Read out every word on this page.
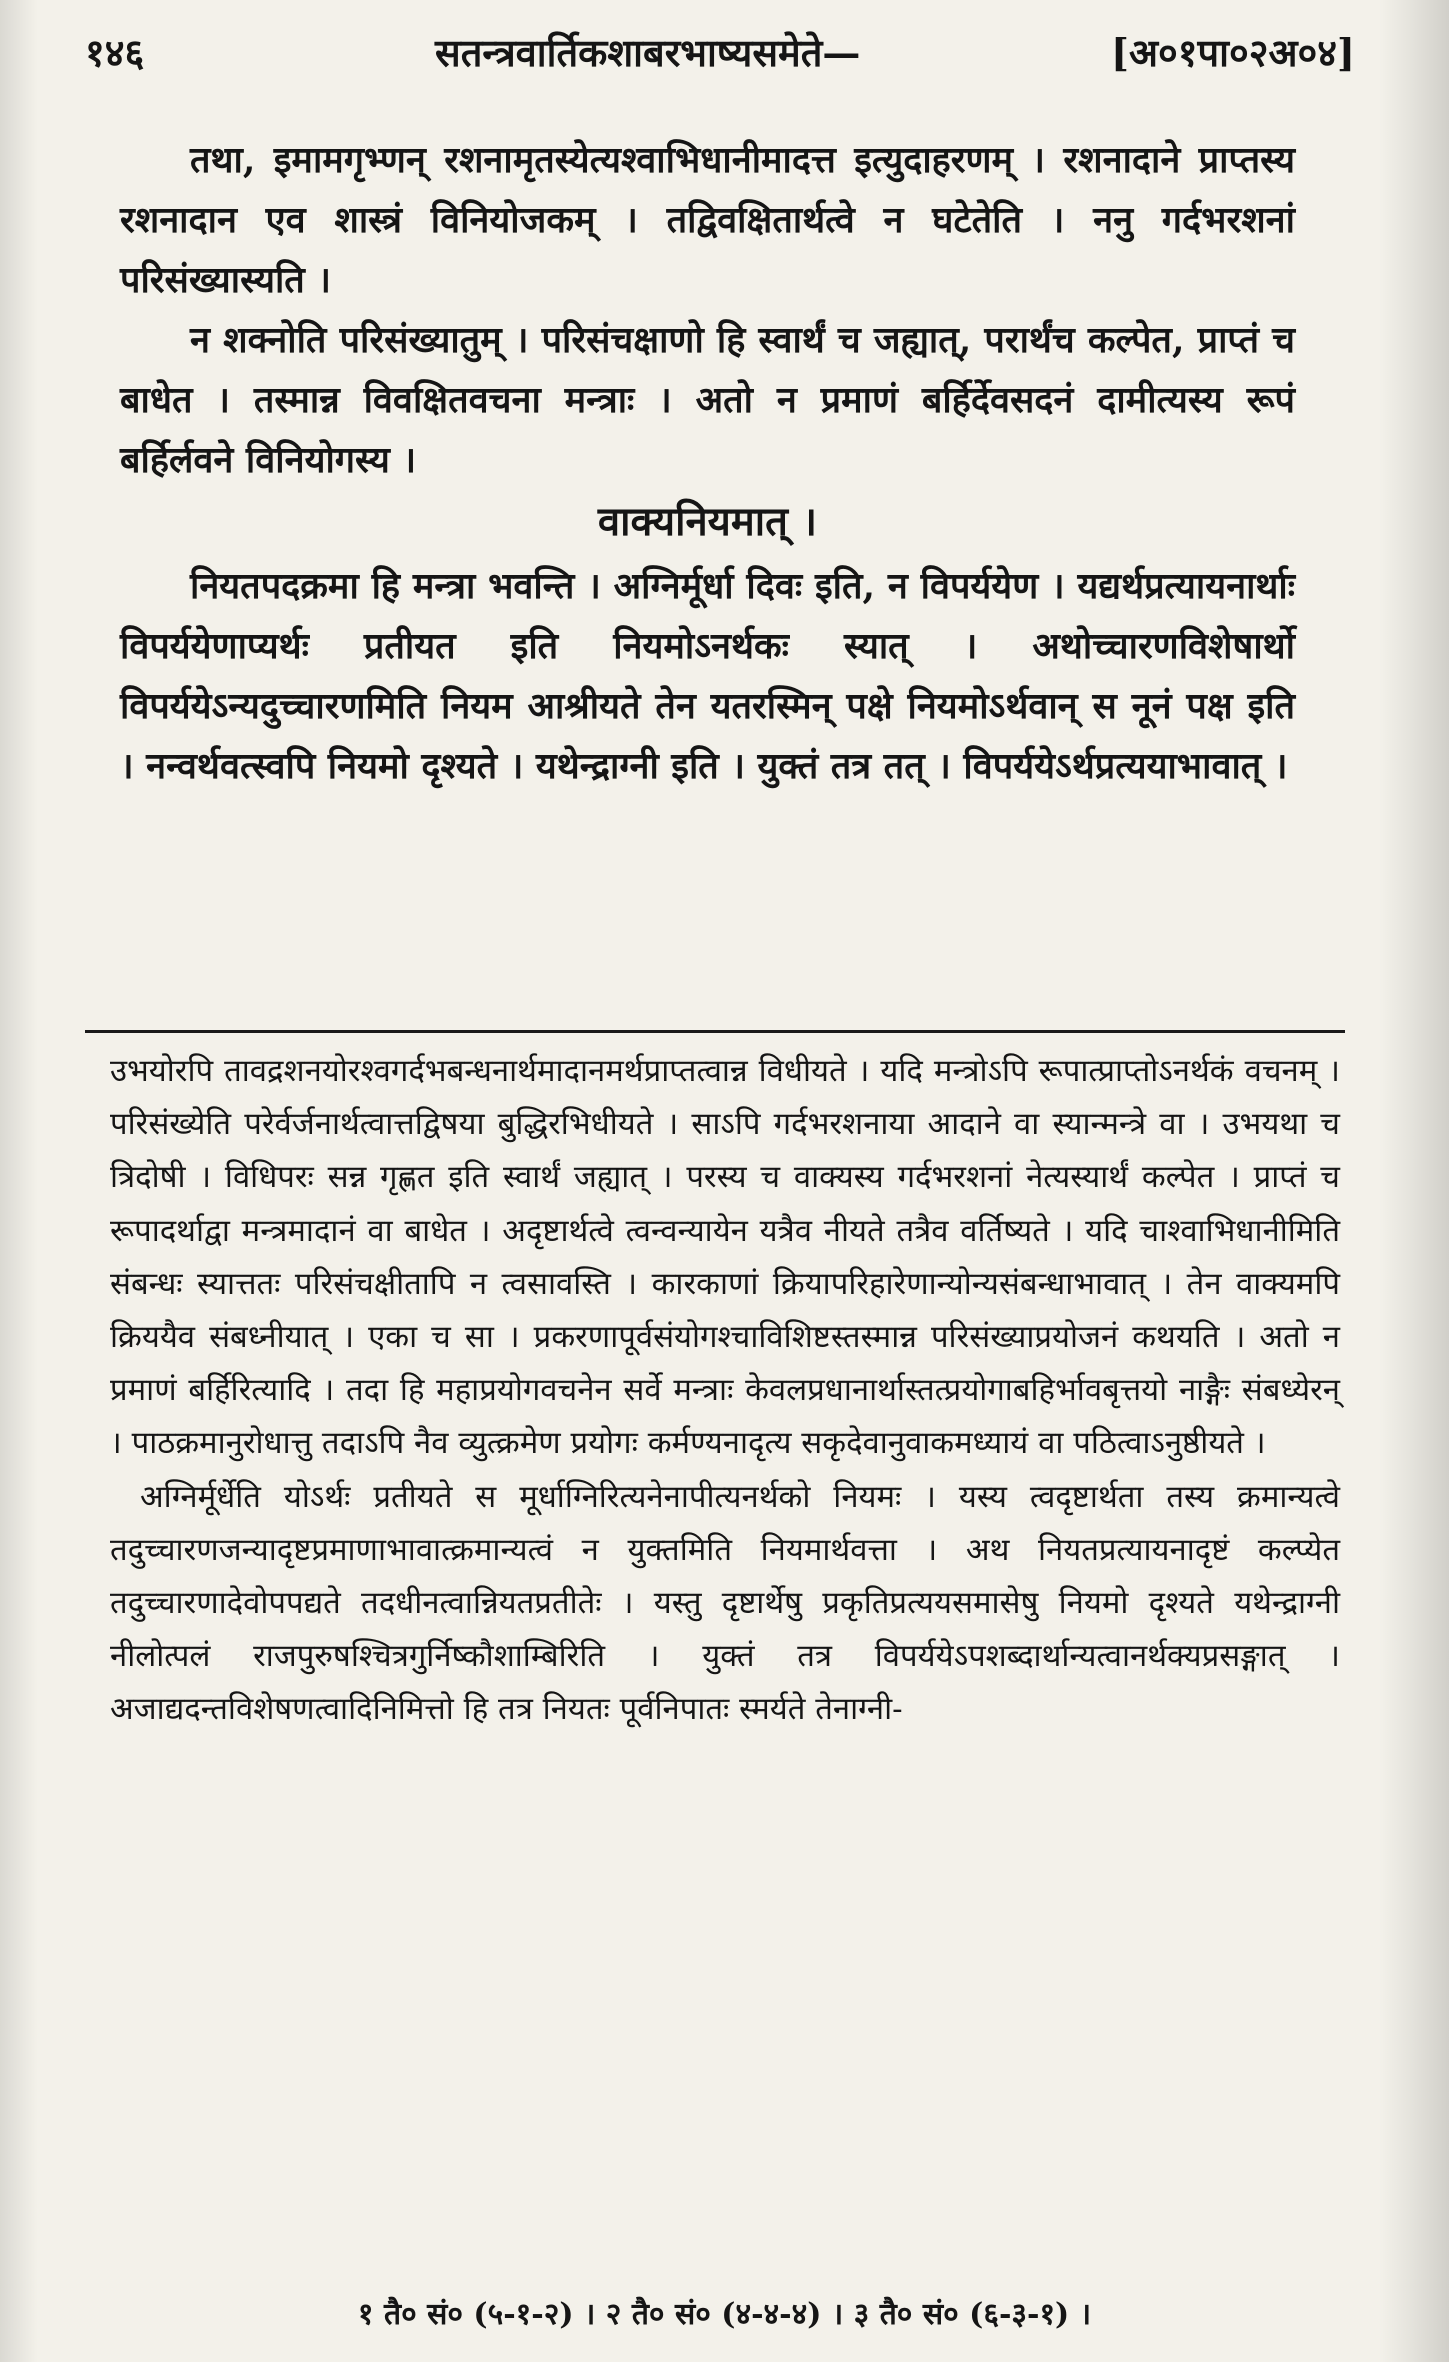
१४६	सतन्त्रवार्तिकशाबरभाष्यसमेते—	[अ०१पा०२अ०४]

तथा, इमामगृभ्णन् रशनामृतस्येत्यश्वाभिधानीमादत्त इत्युदाहरणम् । रशनादाने प्राप्तस्य रशनादान एव शास्त्रं विनियोजकम् । तद्विवक्षितार्थत्वे न घटेतेति । ननु गर्दभरशनां परिसंख्यास्यति ।

न शक्नोति परिसंख्यातुम् । परिसंचक्षाणो हि स्वार्थं च जह्यात्, परार्थंच कल्पेत, प्राप्तं च बाधेत । तस्मान्न विवक्षितवचना मन्त्राः । अतो न प्रमाणं बर्हिर्देवसदनं दामीत्यस्य रूपं बर्हिर्लवने विनियोगस्य ।

वाक्यनियमात् ।

नियतपदक्रमा हि मन्त्रा भवन्ति । अग्निर्मूर्धा दिवः इति, न विपर्ययेण । यद्यर्थप्रत्यायनार्थाः विपर्ययेणाप्यर्थः प्रतीयत इति नियमोऽनर्थकः स्यात् । अथोच्चारणविशेषार्थो विपर्ययेऽन्यदुच्चारणमिति नियम आश्रीयते तेन यतरस्मिन् पक्षे नियमोऽर्थवान् स नूनं पक्ष इति । नन्वर्थवत्स्वपि नियमो दृश्यते । यथेन्द्राग्नी इति । युक्तं तत्र तत् । विपर्ययेऽर्थप्रत्ययाभावात् ।

उभयोरपि तावद्रशनयोरश्वगर्दभबन्धनार्थमादानमर्थप्राप्तत्वान्न विधीयते । यदि मन्त्रोऽपि रूपात्प्राप्तोऽनर्थकं वचनम् । परिसंख्येति परेर्वर्जनार्थत्वात्तद्विषया बुद्धिरभिधीयते । साऽपि गर्दभरशनाया आदाने वा स्यान्मन्त्रे वा । उभयथा च त्रिदोषी । विधिपरः सन्न गृह्णत इति स्वार्थं जह्यात् । परस्य च वाक्यस्य गर्दभरशनां नेत्यस्यार्थं कल्पेत । प्राप्तं च रूपादर्थाद्वा मन्त्रमादानं वा बाधेत । अदृष्टार्थत्वे त्वन्वन्यायेन यत्रैव नीयते तत्रैव वर्तिष्यते । यदि चाश्वाभिधानीमिति संबन्धः स्यात्ततः परिसंचक्षीतापि न त्वसावस्ति । कारकाणां क्रियापरिहारेणान्योन्यसंबन्धाभावात् । तेन वाक्यमपि क्रिययैव संबध्नीयात् । एका च सा । प्रकरणापूर्वसंयोगश्चाविशिष्टस्तस्मान्न परिसंख्याप्रयोजनं कथयति । अतो न प्रमाणं बर्हिरित्यादि । तदा हि महाप्रयोगवचनेन सर्वे मन्त्राः केवलप्रधानार्थास्तत्प्रयोगाबहिर्भावबृत्तयो नाङ्गैः संबध्येरन् । पाठक्रमानुरोधात्तु तदाऽपि नैव व्युत्क्रमेण प्रयोगः कर्मण्यनादृत्य सकृदेवानुवाकमध्यायं वा पठित्वाऽनुष्ठीयते ।

अग्निर्मूर्धेति योऽर्थः प्रतीयते स मूर्धाग्निरित्यनेनापीत्यनर्थको नियमः । यस्य त्वदृष्टार्थता तस्य क्रमान्यत्वे तदुच्चारणजन्यादृष्टप्रमाणाभावात्क्रमान्यत्वं न युक्तमिति नियमार्थवत्ता । अथ नियतप्रत्यायनादृष्टं कल्प्येत तदुच्चारणादेवोपपद्यते तदधीनत्वान्नियतप्रतीतेः । यस्तु दृष्टार्थेषु प्रकृतिप्रत्ययसमासेषु नियमो दृश्यते यथेन्द्राग्नी नीलोत्पलं राजपुरुषश्चित्रगुर्निष्कौशाम्बिरिति । युक्तं तत्र विपर्ययेऽपशब्दार्थान्यत्वानर्थक्यप्रसङ्गात् । अजाद्यदन्तविशेषणत्वादिनिमित्तो हि तत्र नियतः पूर्वनिपातः स्मर्यते तेनाग्नी-

१ तै० सं० (५-१-२) । २ तै० सं० (४-४-४) । ३ तै० सं० (६-३-१) ।
